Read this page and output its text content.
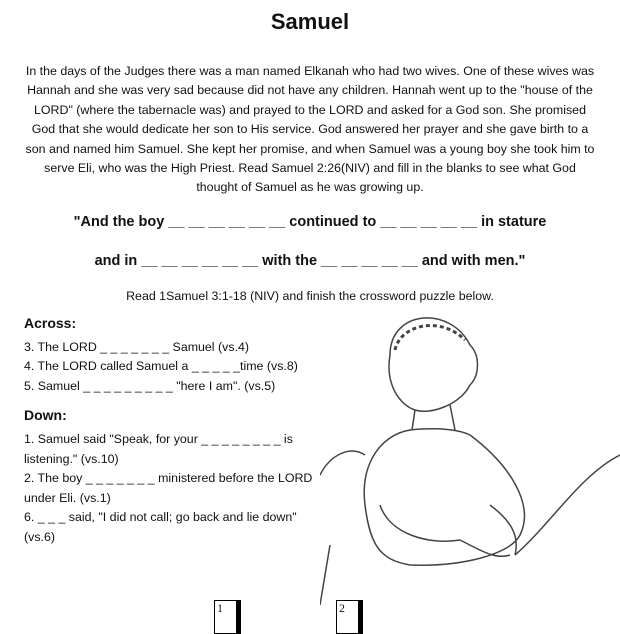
Samuel
In the days of the Judges there was a man named Elkanah who had two wives. One of these wives was Hannah and she was very sad because did not have any children. Hannah went up to the "house of the LORD" (where the tabernacle was) and prayed to the LORD and asked for a God son. She promised God that she would dedicate her son to His service. God answered her prayer and she gave birth to a son and named him Samuel. She kept her promise, and when Samuel was a young boy she took him to serve Eli, who was the High Priest. Read Samuel 2:26(NIV) and fill in the blanks to see what God thought of Samuel as he was growing up.
"And the boy __ __ __ __ __ __ continued to __ __ __ __ __ in stature
and in __ __ __ __ __ __ with the __ __ __ __ __ and with men."
Read 1Samuel 3:1-18 (NIV) and finish the crossword puzzle below.
Across:
3. The LORD _ _ _ _ _ _ _ Samuel (vs.4)
4. The LORD called Samuel a _ _ _ _ _time (vs.8)
5. Samuel _ _ _ _ _ _ _ _ _ "here I am". (vs.5)
Down:
1. Samuel said "Speak, for your _ _ _ _ _ _ _ _ is listening." (vs.10)
2. The boy _ _ _ _ _ _ _ ministered before the LORD under Eli. (vs.1)
6. _ _ _ said, "I did not call; go back and lie down" (vs.6)
1	2
